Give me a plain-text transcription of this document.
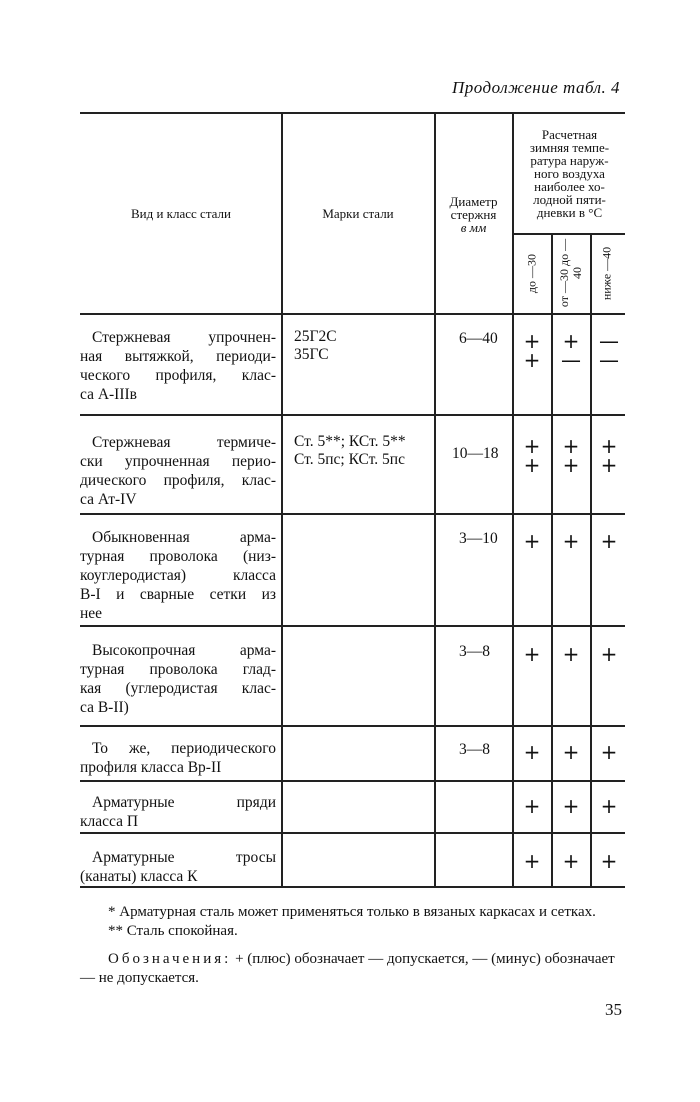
Продолжение табл. 4
Вид и класс стали	Марки стали
Диаметр
стержня
в мм
Расчетная
зимняя темпе-
ратура наруж-
ного воздуха
наиболее хо-
лодной пяти-
дневки в °С
до —30 от —30 до —40 ниже —40
Стержневая упрочнен-
ная вытяжкой, периоди-
ческого профиля, клас-
са А-IIIв
25Г2С
35ГС
6—40 + + —
+ — —
Стержневая термиче-
ски упрочненная перио-
дического профиля, клас-
са Ат-IV
Ст. 5**; КСт. 5**
Ст. 5пс; КСт. 5пс	10—18 + + +
+ + +
Обыкновенная арма-
турная проволока (низ-
коуглеродистая) класса
В-I и сварные сетки из
нее
3—10 + + +
Высокопрочная арма-
турная проволока глад-
кая (углеродистая клас-
са В-II)
3—8 + + +
То же, периодического
профиля класса Вр-II
3—8 + + +
Арматурные пряди
класса П
+ + +
Арматурные тросы
(канаты) класса К
+ + +
* Арматурная сталь может применяться только в вязаных каркасах и сетках.
** Сталь спокойная.
Обозначения: + (плюс) обозначает — допускается, — (минус) обозначает — не допускается.
35
